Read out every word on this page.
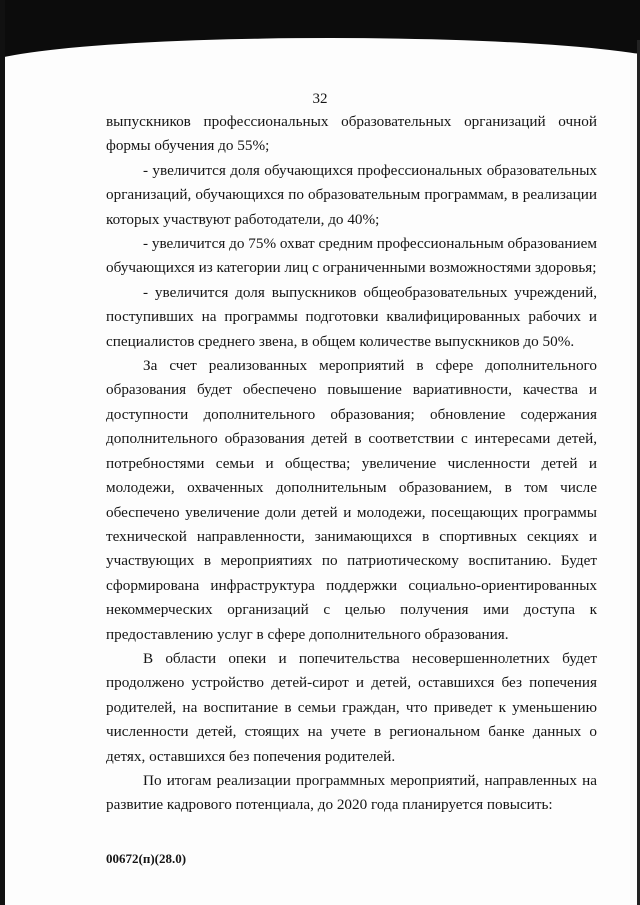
32

выпускников профессиональных образовательных организаций очной формы обучения до 55%;

- увеличится доля обучающихся профессиональных образовательных организаций, обучающихся по образовательным программам, в реализации которых участвуют работодатели, до 40%;

- увеличится до 75% охват средним профессиональным образованием обучающихся из категории лиц с ограниченными возможностями здоровья;

- увеличится доля выпускников общеобразовательных учреждений, поступивших на программы подготовки квалифицированных рабочих и специалистов среднего звена, в общем количестве выпускников до 50%.

За счет реализованных мероприятий в сфере дополнительного образования будет обеспечено повышение вариативности, качества и доступности дополнительного образования; обновление содержания дополнительного образования детей в соответствии с интересами детей, потребностями семьи и общества; увеличение численности детей и молодежи, охваченных дополнительным образованием, в том числе обеспечено увеличение доли детей и молодежи, посещающих программы технической направленности, занимающихся в спортивных секциях и участвующих в мероприятиях по патриотическому воспитанию. Будет сформирована инфраструктура поддержки социально-ориентированных некоммерческих организаций с целью получения ими доступа к предоставлению услуг в сфере дополнительного образования.

В области опеки и попечительства несовершеннолетних будет продолжено устройство детей-сирот и детей, оставшихся без попечения родителей, на воспитание в семьи граждан, что приведет к уменьшению численности детей, стоящих на учете в региональном банке данных о детях, оставшихся без попечения родителей.

По итогам реализации программных мероприятий, направленных на развитие кадрового потенциала, до 2020 года планируется повысить:

00672(п)(28.0)
